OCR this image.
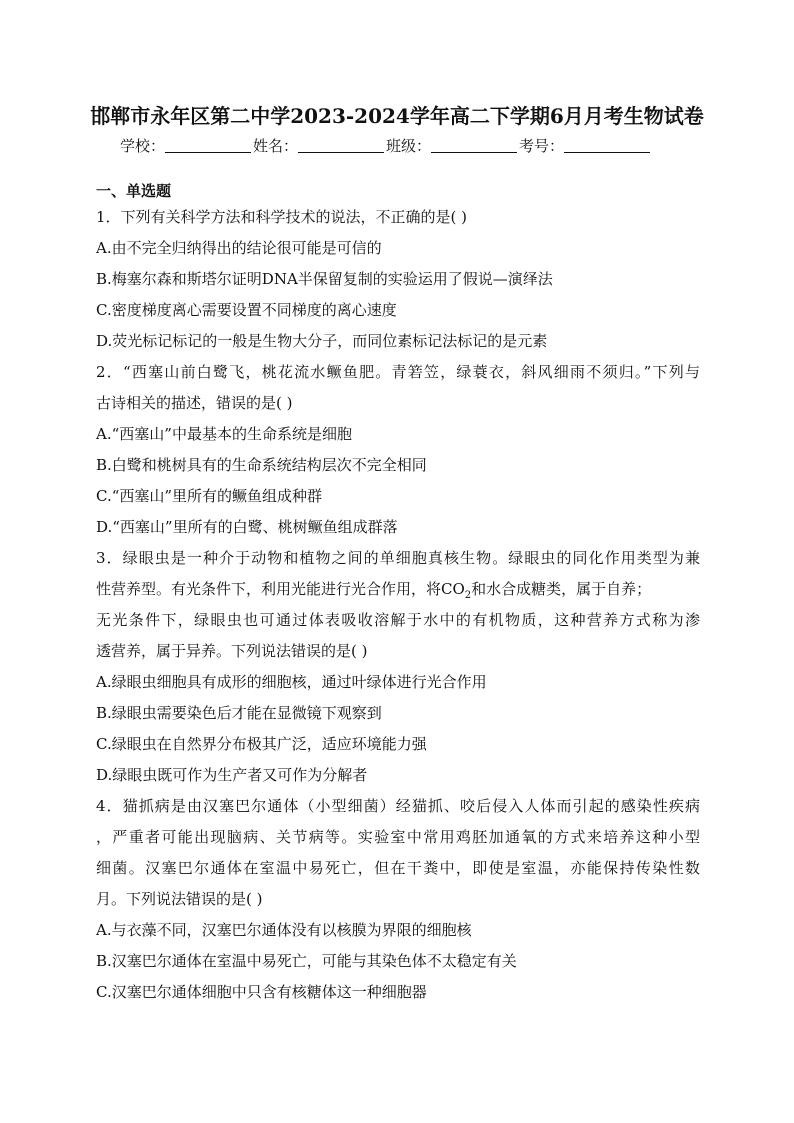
邯郸市永年区第二中学2023-2024学年高二下学期6月月考生物试卷
学校：	姓名：	班级：	考号：
一、单选题
1．下列有关科学方法和科学技术的说法，不正确的是( )
A.由不完全归纳得出的结论很可能是可信的
B.梅塞尔森和斯塔尔证明DNA半保留复制的实验运用了假说—演绎法
C.密度梯度离心需要设置不同梯度的离心速度
D.荧光标记标记的一般是生物大分子，而同位素标记法标记的是元素
2．“西塞山前白鹭飞，桃花流水鳜鱼肥。青箬笠，绿蓑衣，斜风细雨不须归。”下列与
古诗相关的描述，错误的是( )
A.“西塞山”中最基本的生命系统是细胞
B.白鹭和桃树具有的生命系统结构层次不完全相同
C.“西塞山”里所有的鳜鱼组成种群
D.“西塞山”里所有的白鹭、桃树鳜鱼组成群落
3．绿眼虫是一种介于动物和植物之间的单细胞真核生物。绿眼虫的同化作用类型为兼
性营养型。有光条件下，利用光能进行光合作用，将$CO_2$和水合成糖类，属于自养；
无光条件下，绿眼虫也可通过体表吸收溶解于水中的有机物质，这种营养方式称为渗
透营养，属于异养。下列说法错误的是( )
A.绿眼虫细胞具有成形的细胞核，通过叶绿体进行光合作用
B.绿眼虫需要染色后才能在显微镜下观察到
C.绿眼虫在自然界分布极其广泛，适应环境能力强
D.绿眼虫既可作为生产者又可作为分解者
4．猫抓病是由汉塞巴尔通体（小型细菌）经猫抓、咬后侵入人体而引起的感染性疾病
，严重者可能出现脑病、关节病等。实验室中常用鸡胚加通氧的方式来培养这种小型
细菌。汉塞巴尔通体在室温中易死亡，但在干粪中，即使是室温，亦能保持传染性数
月。下列说法错误的是( )
A.与衣藻不同，汉塞巴尔通体没有以核膜为界限的细胞核
B.汉塞巴尔通体在室温中易死亡，可能与其染色体不太稳定有关
C.汉塞巴尔通体细胞中只含有核糖体这一种细胞器
